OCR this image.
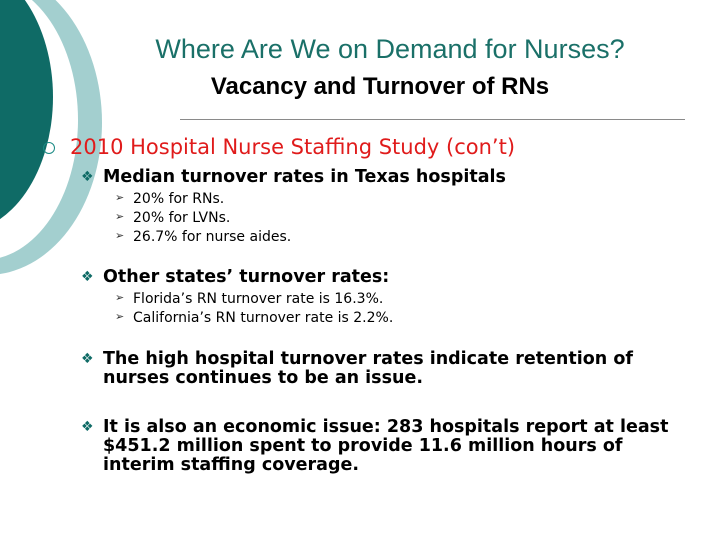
Where Are We on Demand for Nurses?
Vacancy and Turnover of RNs
2010 Hospital Nurse Staffing Study (con’t)
❖ Median turnover rates in Texas hospitals
➢ 20% for RNs.
➢ 20% for LVNs.
➢ 26.7% for nurse aides.
❖ Other states’ turnover rates:
➢ Florida’s RN turnover rate is 16.3%.
➢ California’s RN turnover rate is 2.2%.
❖ The high hospital turnover rates indicate retention of nurses continues to be an issue.
❖ It is also an economic issue: 283 hospitals report at least $451.2 million spent to provide 11.6 million hours of interim staffing coverage.
